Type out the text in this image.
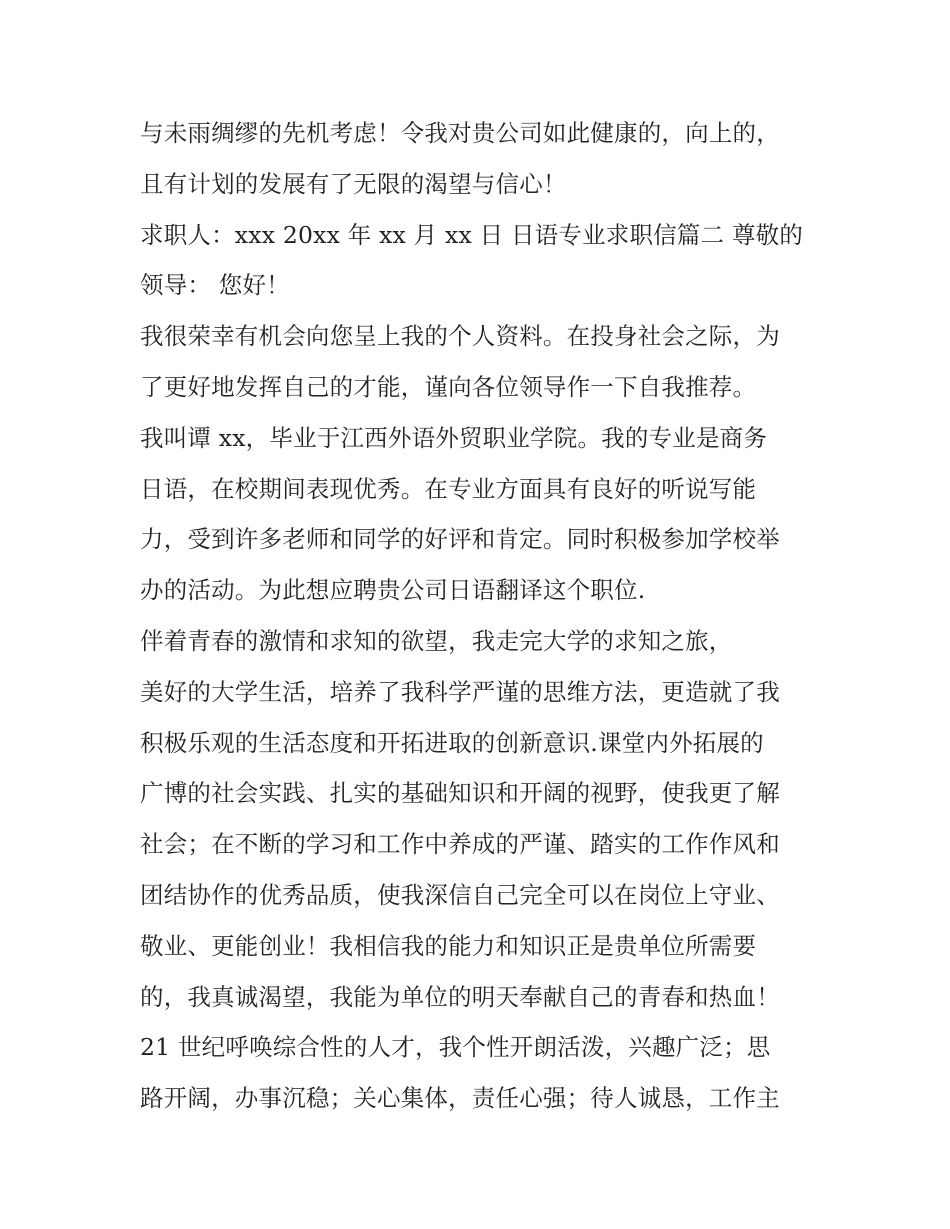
与未雨绸缪的先机考虑！令我对贵公司如此健康的，向上的，
且有计划的发展有了无限的渴望与信心！
求职人：xxx 20xx 年 xx 月 xx 日 日语专业求职信篇二 尊敬的
领导： 您好！
我很荣幸有机会向您呈上我的个人资料。在投身社会之际，为
了更好地发挥自己的才能，谨向各位领导作一下自我推荐。
我叫谭 xx，毕业于江西外语外贸职业学院。我的专业是商务
日语，在校期间表现优秀。在专业方面具有良好的听说写能
力，受到许多老师和同学的好评和肯定。同时积极参加学校举
办的活动。为此想应聘贵公司日语翻译这个职位.
伴着青春的激情和求知的欲望，我走完大学的求知之旅，
美好的大学生活，培养了我科学严谨的思维方法，更造就了我
积极乐观的生活态度和开拓进取的创新意识.课堂内外拓展的
广博的社会实践、扎实的基础知识和开阔的视野，使我更了解
社会；在不断的学习和工作中养成的严谨、踏实的工作作风和
团结协作的优秀品质，使我深信自己完全可以在岗位上守业、
敬业、更能创业！我相信我的能力和知识正是贵单位所需要
的，我真诚渴望，我能为单位的明天奉献自己的青春和热血！
21 世纪呼唤综合性的人才，我个性开朗活泼，兴趣广泛；思
路开阔，办事沉稳；关心集体，责任心强；待人诚恳，工作主
